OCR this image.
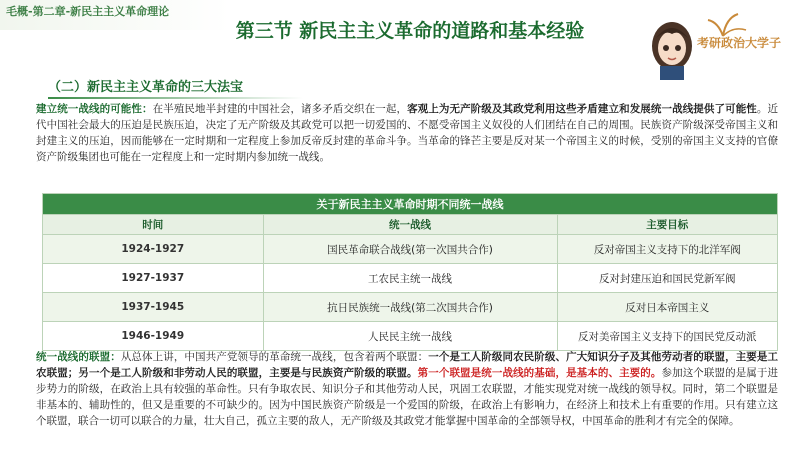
毛概-第二章-新民主主义革命理论
第三节 新民主主义革命的道路和基本经验
考研政治大学子
（二）新民主主义革命的三大法宝
建立统一战线的可能性：在半殖民地半封建的中国社会，诸多矛盾交织在一起，客观上为无产阶级及其政党利用这些矛盾建立和发展统一战线提供了可能性。近代中国社会最大的压迫是民族压迫，决定了无产阶级及其政党可以把一切爱国的、不愿受帝国主义奴役的人们团结在自己的周围。民族资产阶级深受帝国主义和封建主义的压迫，因而能够在一定时期和一定程度上参加反帝反封建的革命斗争。当革命的锋芒主要是反对某一个帝国主义的时候，受别的帝国主义支持的官僚资产阶级集团也可能在一定程度上和一定时期内参加统一战线。
关于新民主主义革命时期不同统一战线		
时间	统一战线	主要目标
1924-1927	国民革命联合战线(第一次国共合作)	反对帝国主义支持下的北洋军阀
1927-1937	工农民主统一战线	反对封建压迫和国民党新军阀
1937-1945	抗日民族统一战线(第二次国共合作)	反对日本帝国主义
1946-1949	人民民主统一战线	反对美帝国主义支持下的国民党反动派
统一战线的联盟：从总体上讲，中国共产党领导的革命统一战线，包含着两个联盟：一个是工人阶级同农民阶级、广大知识分子及其他劳动者的联盟，主要是工农联盟；另一个是工人阶级和非劳动人民的联盟，主要是与民族资产阶级的联盟。第一个联盟是统一战线的基础，是基本的、主要的。参加这个联盟的是属于进步势力的阶级，在政治上具有较强的革命性。只有争取农民、知识分子和其他劳动人民，巩固工农联盟，才能实现党对统一战线的领导权。同时，第二个联盟是非基本的、辅助性的，但又是重要的不可缺少的。因为中国民族资产阶级是一个爱国的阶级，在政治上有影响力，在经济上和技术上有重要的作用。只有建立这个联盟，联合一切可以联合的力量，壮大自己，孤立主要的敌人，无产阶级及其政党才能掌握中国革命的全部领导权，中国革命的胜利才有完全的保障。
